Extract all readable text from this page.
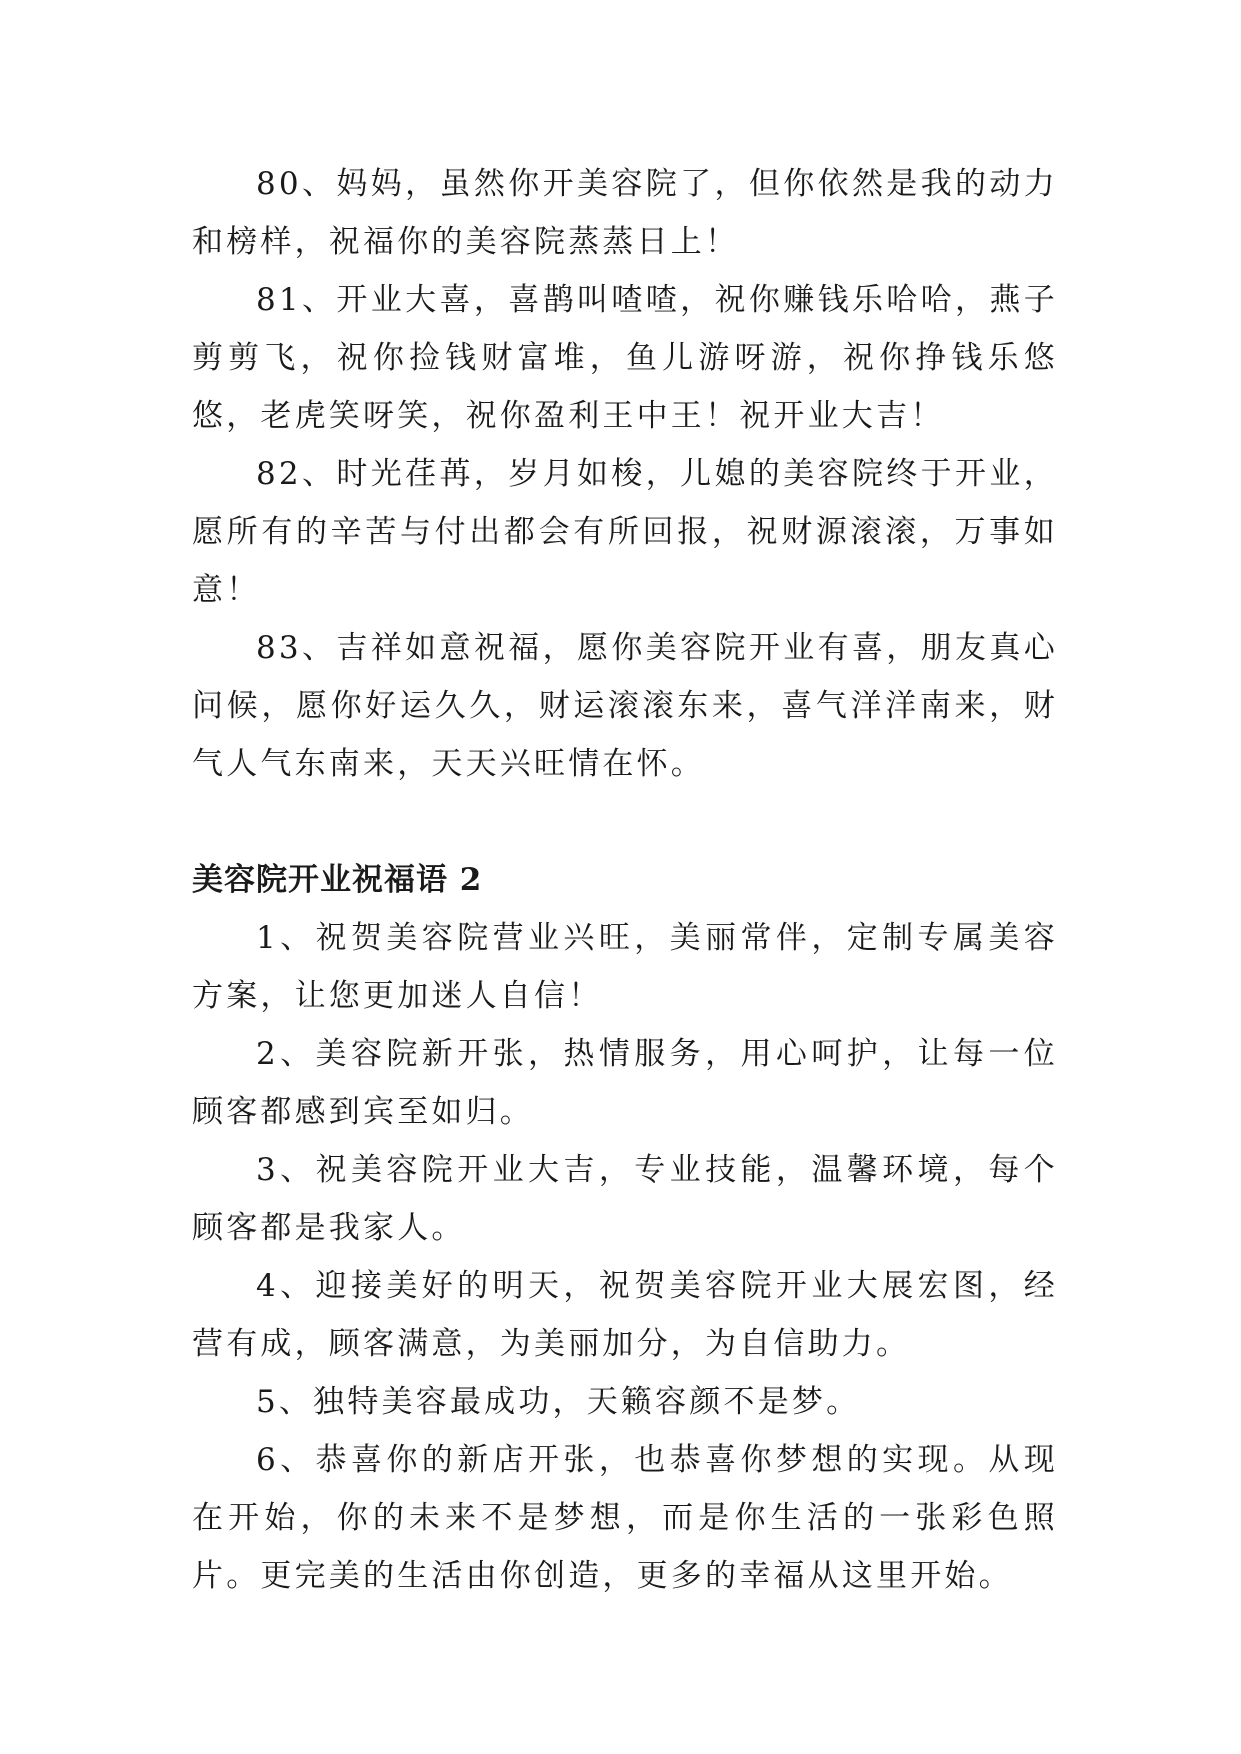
80、妈妈，虽然你开美容院了，但你依然是我的动力和榜样，祝福你的美容院蒸蒸日上！

81、开业大喜，喜鹊叫喳喳，祝你赚钱乐哈哈，燕子剪剪飞，祝你捡钱财富堆，鱼儿游呀游，祝你挣钱乐悠悠，老虎笑呀笑，祝你盈利王中王！祝开业大吉！

82、时光荏苒，岁月如梭，儿媳的美容院终于开业，愿所有的辛苦与付出都会有所回报，祝财源滚滚，万事如意！

83、吉祥如意祝福，愿你美容院开业有喜，朋友真心问候，愿你好运久久，财运滚滚东来，喜气洋洋南来，财气人气东南来，天天兴旺情在怀。

美容院开业祝福语 2

1、祝贺美容院营业兴旺，美丽常伴，定制专属美容方案，让您更加迷人自信！

2、美容院新开张，热情服务，用心呵护，让每一位顾客都感到宾至如归。

3、祝美容院开业大吉，专业技能，温馨环境，每个顾客都是我家人。

4、迎接美好的明天，祝贺美容院开业大展宏图，经营有成，顾客满意，为美丽加分，为自信助力。

5、独特美容最成功，天籁容颜不是梦。

6、恭喜你的新店开张，也恭喜你梦想的实现。从现在开始，你的未来不是梦想，而是你生活的一张彩色照片。更完美的生活由你创造，更多的幸福从这里开始。
